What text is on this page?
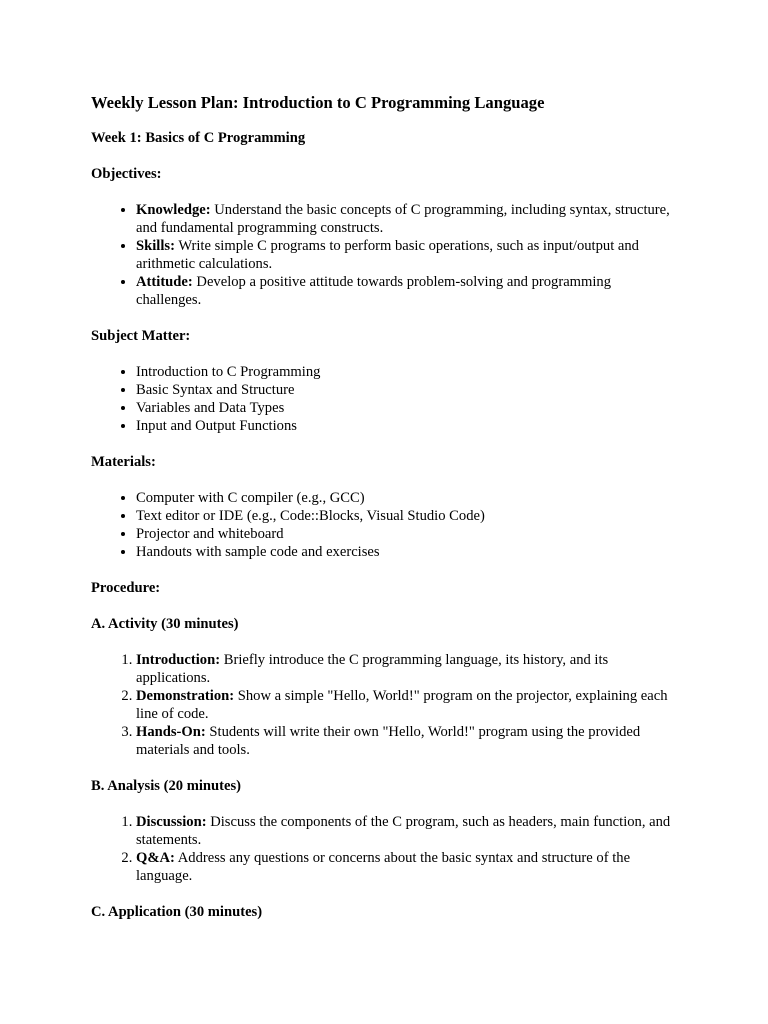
Weekly Lesson Plan: Introduction to C Programming Language
Week 1: Basics of C Programming
Objectives:
• Knowledge: Understand the basic concepts of C programming, including syntax, structure, and fundamental programming constructs.
• Skills: Write simple C programs to perform basic operations, such as input/output and arithmetic calculations.
• Attitude: Develop a positive attitude towards problem-solving and programming challenges.
Subject Matter:
• Introduction to C Programming
• Basic Syntax and Structure
• Variables and Data Types
• Input and Output Functions
Materials:
• Computer with C compiler (e.g., GCC)
• Text editor or IDE (e.g., Code::Blocks, Visual Studio Code)
• Projector and whiteboard
• Handouts with sample code and exercises
Procedure:
A. Activity (30 minutes)
1. Introduction: Briefly introduce the C programming language, its history, and its applications.
2. Demonstration: Show a simple "Hello, World!" program on the projector, explaining each line of code.
3. Hands-On: Students will write their own "Hello, World!" program using the provided materials and tools.
B. Analysis (20 minutes)
1. Discussion: Discuss the components of the C program, such as headers, main function, and statements.
2. Q&A: Address any questions or concerns about the basic syntax and structure of the language.
C. Application (30 minutes)
